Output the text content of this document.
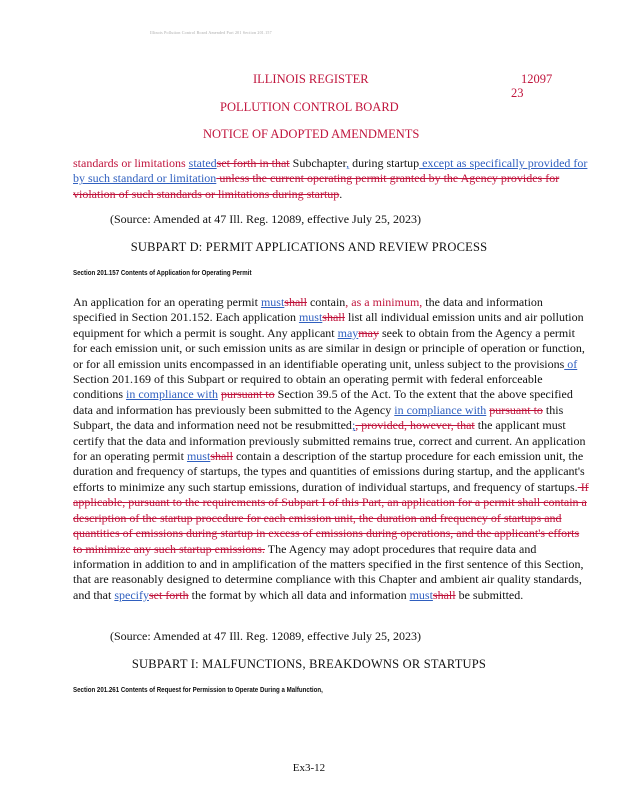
Illinois Pollution Control Board Amended Part 201 Section 201.157
ILLINOIS REGISTER	12097
23
POLLUTION CONTROL BOARD
NOTICE OF ADOPTED AMENDMENTS
standards or limitations statedset forth in that Subchapter, during startup except as specifically provided for by such standard or limitation unless the current operating permit granted by the Agency provides for violation of such standards or limitations during startup.
(Source: Amended at 47 Ill. Reg. 12089, effective July 25, 2023)
SUBPART D: PERMIT APPLICATIONS AND REVIEW PROCESS
Section 201.157 Contents of Application for Operating Permit
An application for an operating permit mustshall contain, as a minimum, the data and information specified in Section 201.152. Each application mustshall list all individual emission units and air pollution equipment for which a permit is sought. Any applicant maymay seek to obtain from the Agency a permit for each emission unit, or such emission units as are similar in design or principle of operation or function, or for all emission units encompassed in an identifiable operating unit, unless subject to the provisions of Section 201.169 of this Subpart or required to obtain an operating permit with federal enforceable conditions in compliance with pursuant to Section 39.5 of the Act. To the extent that the above specified data and information has previously been submitted to the Agency in compliance with pursuant to this Subpart, the data and information need not be resubmitted;, provided, however, that the applicant must certify that the data and information previously submitted remains true, correct and current. An application for an operating permit mustshall contain a description of the startup procedure for each emission unit, the duration and frequency of startups, the types and quantities of emissions during startup, and the applicant's efforts to minimize any such startup emissions, duration of individual startups, and frequency of startups. If applicable, pursuant to the requirements of Subpart I of this Part, an application for a permit shall contain a description of the startup procedure for each emission unit, the duration and frequency of startups and quantities of emissions during startup in excess of emissions during operations, and the applicant's efforts to minimize any such startup emissions. The Agency may adopt procedures that require data and information in addition to and in amplification of the matters specified in the first sentence of this Section, that are reasonably designed to determine compliance with this Chapter and ambient air quality standards, and that specifyset forth the format by which all data and information mustshall be submitted.
(Source: Amended at 47 Ill. Reg. 12089, effective July 25, 2023)
SUBPART I: MALFUNCTIONS, BREAKDOWNS OR STARTUPS
Section 201.261 Contents of Request for Permission to Operate During a Malfunction,
Ex3-12
